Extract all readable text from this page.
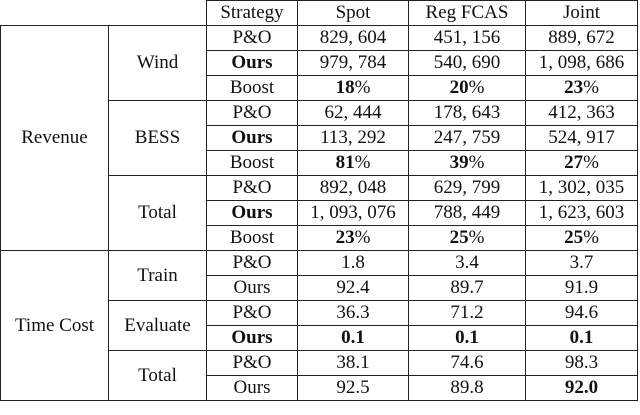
		Strategy	Spot	Reg FCAS	Joint
Revenue	Wind	P&O	829, 604	451, 156	889, 672
		Ours	979, 784	540, 690	1, 098, 686
		Boost	18%	20%	23%
	BESS	P&O	62, 444	178, 643	412, 363
		Ours	113, 292	247, 759	524, 917
		Boost	81%	39%	27%
	Total	P&O	892, 048	629, 799	1, 302, 035
		Ours	1, 093, 076	788, 449	1, 623, 603
		Boost	23%	25%	25%
Time Cost	Train	P&O	1.8	3.4	3.7
		Ours	92.4	89.7	91.9
	Evaluate	P&O	36.3	71.2	94.6
		Ours	0.1	0.1	0.1
	Total	P&O	38.1	74.6	98.3
		Ours	92.5	89.8	92.0
